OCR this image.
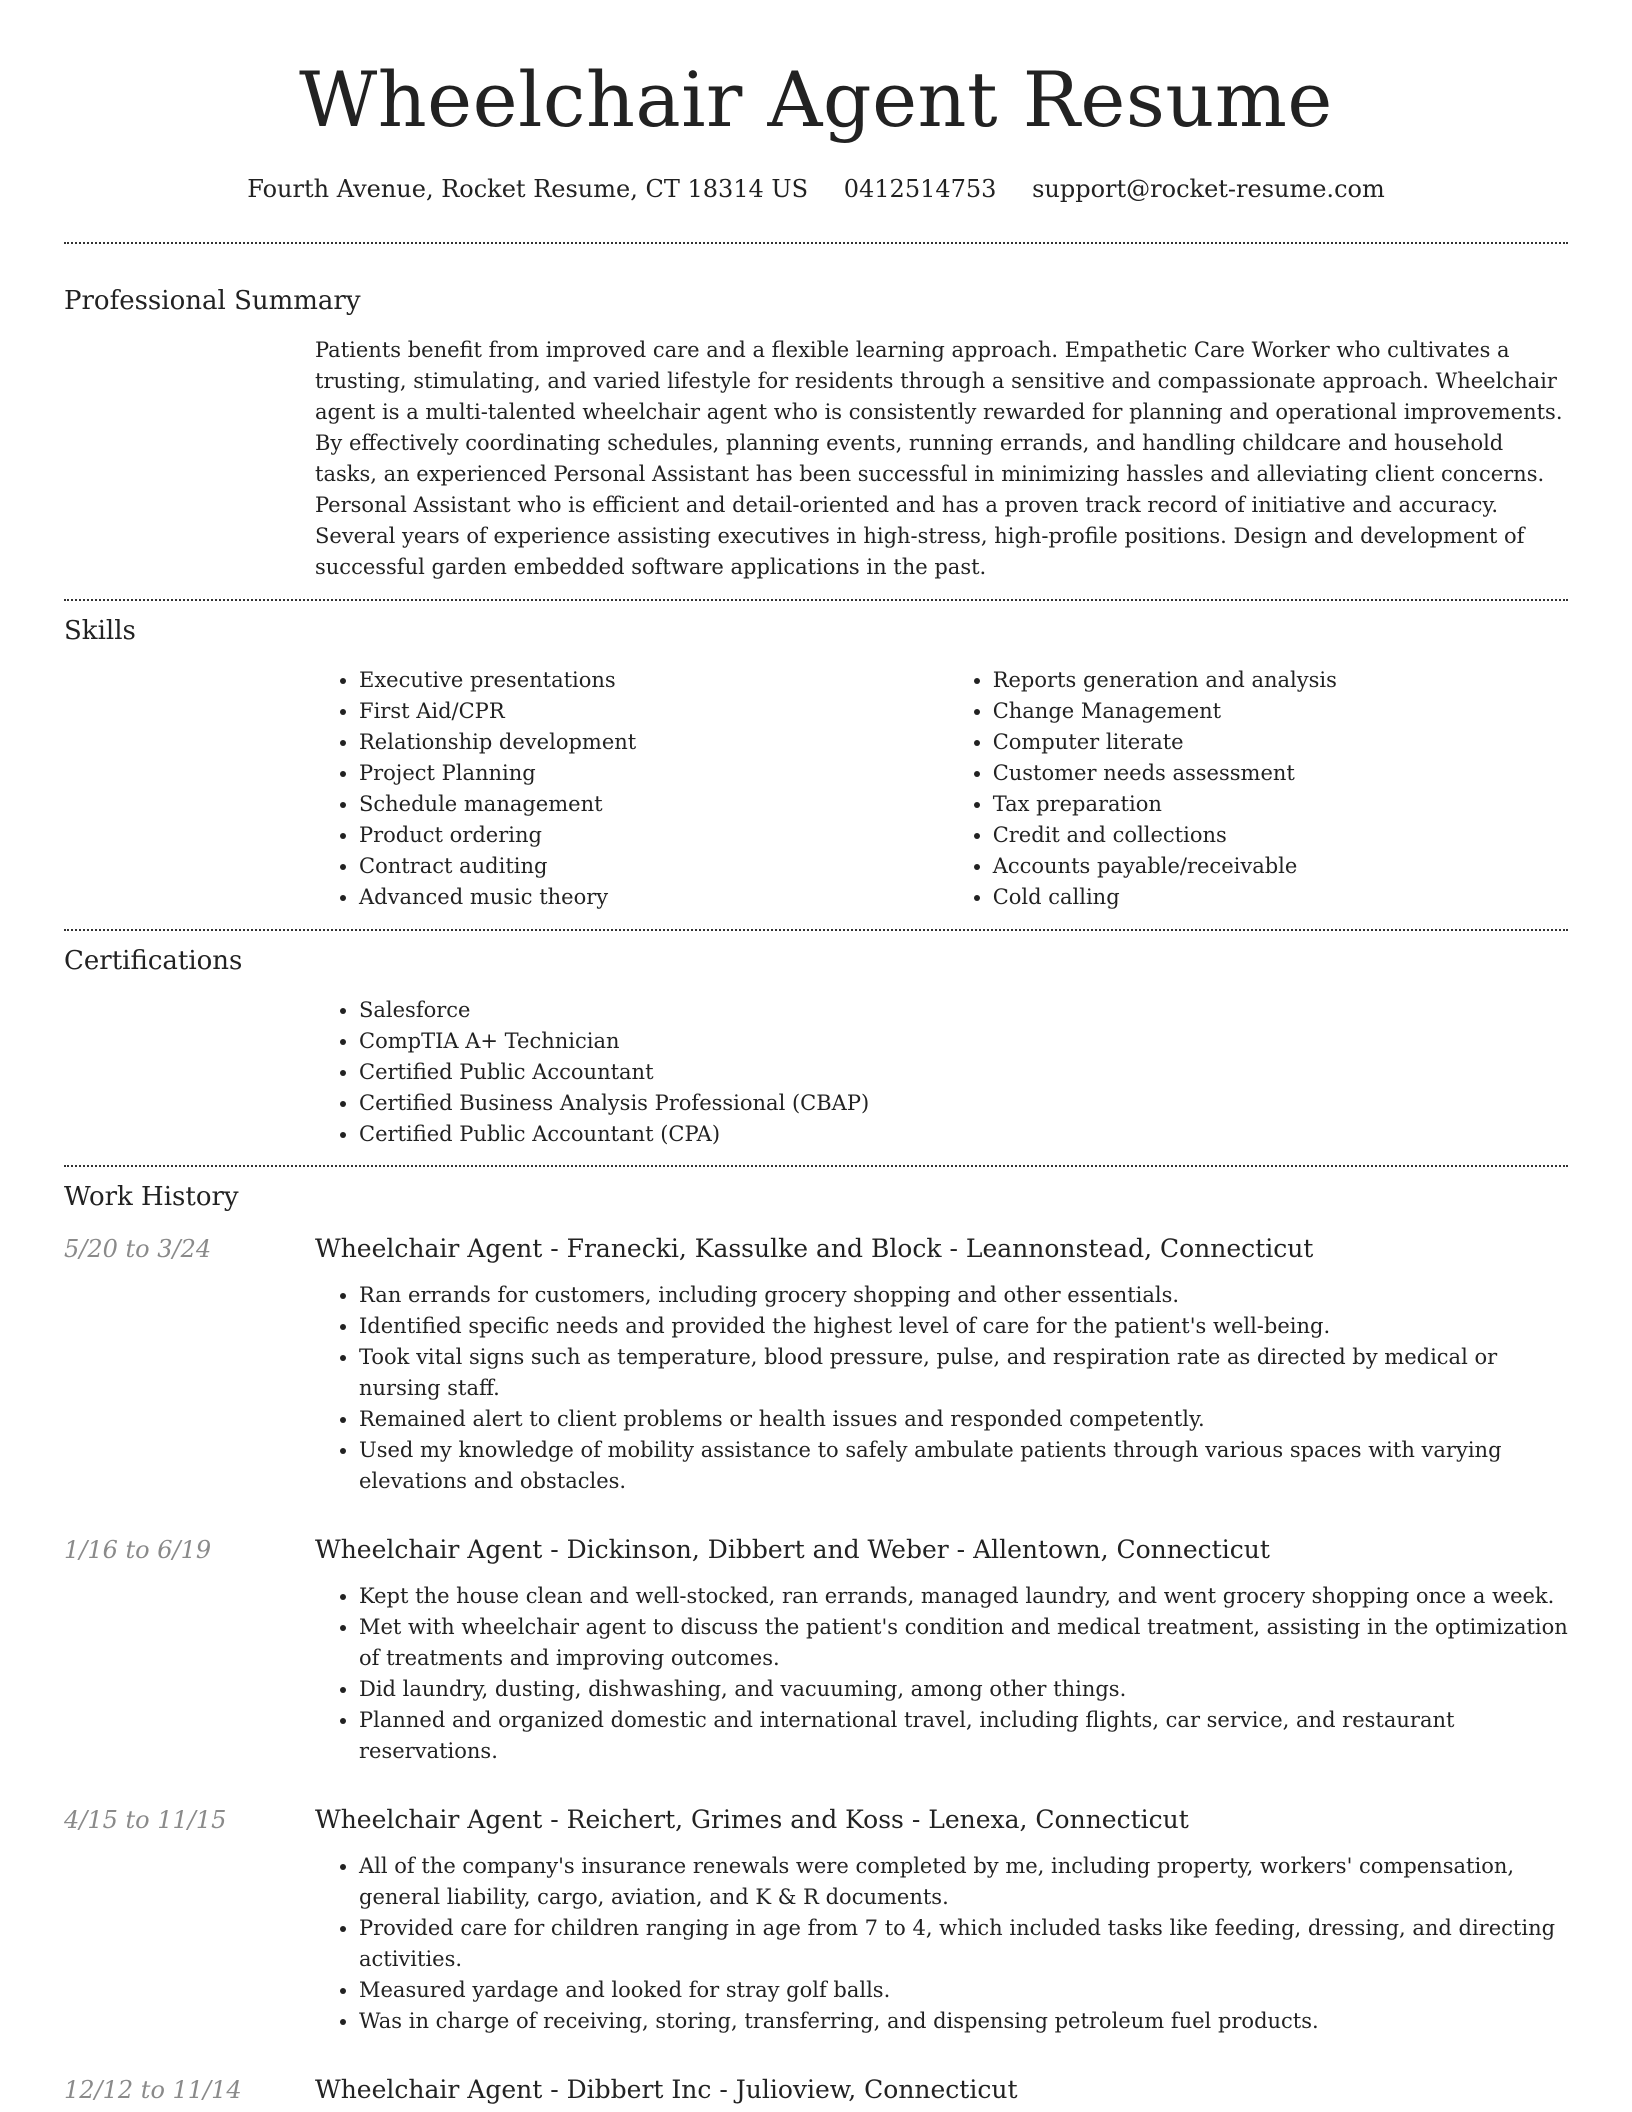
Wheelchair Agent Resume
Fourth Avenue, Rocket Resume, CT 18314 US 0412514753 support@rocket-resume.com
Professional Summary

Patients benefit from improved care and a flexible learning approach. Empathetic Care Worker who cultivates a trusting, stimulating, and varied lifestyle for residents through a sensitive and compassionate approach. Wheelchair agent is a multi-talented wheelchair agent who is consistently rewarded for planning and operational improvements. By effectively coordinating schedules, planning events, running errands, and handling childcare and household tasks, an experienced Personal Assistant has been successful in minimizing hassles and alleviating client concerns. Personal Assistant who is efficient and detail-oriented and has a proven track record of initiative and accuracy. Several years of experience assisting executives in high-stress, high-profile positions. Design and development of successful garden embedded software applications in the past.

Skills
• Executive presentations
• First Aid/CPR
• Relationship development
• Project Planning
• Schedule management
• Product ordering
• Contract auditing
• Advanced music theory
• Reports generation and analysis
• Change Management
• Computer literate
• Customer needs assessment
• Tax preparation
• Credit and collections
• Accounts payable/receivable
• Cold calling
Certifications
• Salesforce
• CompTIA A+ Technician
• Certified Public Accountant
• Certified Business Analysis Professional (CBAP)
• Certified Public Accountant (CPA)
Work History
5/20 to 3/24	Wheelchair Agent - Franecki, Kassulke and Block - Leannonstead, Connecticut
• Ran errands for customers, including grocery shopping and other essentials.
• Identified specific needs and provided the highest level of care for the patient's well-being.
• Took vital signs such as temperature, blood pressure, pulse, and respiration rate as directed by medical or nursing staff.
• Remained alert to client problems or health issues and responded competently.
• Used my knowledge of mobility assistance to safely ambulate patients through various spaces with varying elevations and obstacles.
1/16 to 6/19	Wheelchair Agent - Dickinson, Dibbert and Weber - Allentown, Connecticut
• Kept the house clean and well-stocked, ran errands, managed laundry, and went grocery shopping once a week.
• Met with wheelchair agent to discuss the patient's condition and medical treatment, assisting in the optimization of treatments and improving outcomes.
• Did laundry, dusting, dishwashing, and vacuuming, among other things.
• Planned and organized domestic and international travel, including flights, car service, and restaurant reservations.
4/15 to 11/15	Wheelchair Agent - Reichert, Grimes and Koss - Lenexa, Connecticut
• All of the company's insurance renewals were completed by me, including property, workers' compensation, general liability, cargo, aviation, and K & R documents.
• Provided care for children ranging in age from 7 to 4, which included tasks like feeding, dressing, and directing activities.
• Measured yardage and looked for stray golf balls.
• Was in charge of receiving, storing, transferring, and dispensing petroleum fuel products.
12/12 to 11/14	Wheelchair Agent - Dibbert Inc - Julioview, Connecticut
